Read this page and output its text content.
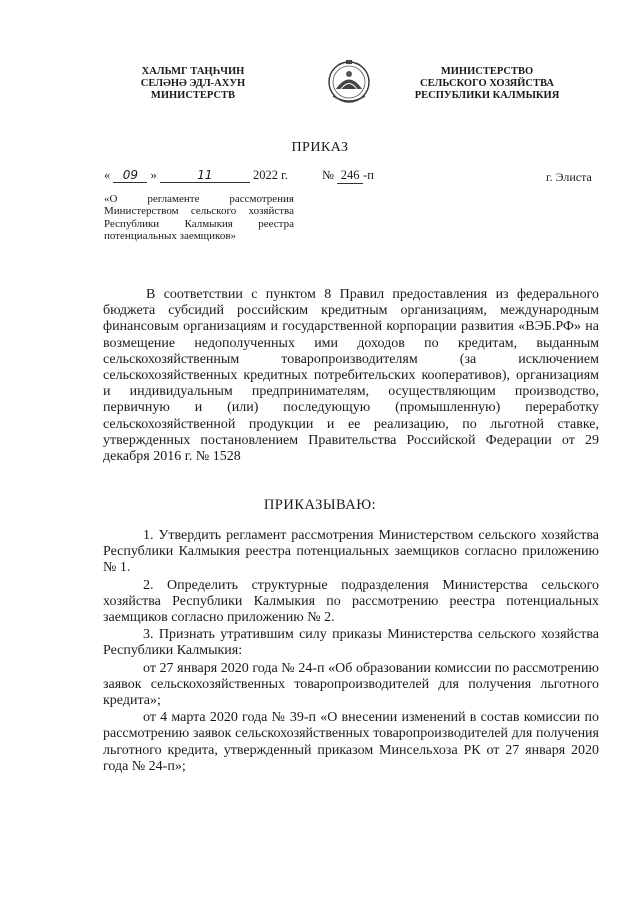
ХАЛЬМГ ТАҢҺЧИН
СЕЛӘНӘ ЭДЛ-АХУН
МИНИСТЕРСТВ
МИНИСТЕРСТВО
СЕЛЬСКОГО ХОЗЯЙСТВА
РЕСПУБЛИКИ КАЛМЫКИЯ
ПРИКАЗ
« 09 »	11	2022 г.	№ 246 -п	г. Элиста
«О регламенте рассмотрения Министерством сельского хозяйства Республики Калмыкия реестра потенциальных заемщиков»
В соответствии с пунктом 8 Правил предоставления из федерального бюджета субсидий российским кредитным организациям, международным финансовым организациям и государственной корпорации развития «ВЭБ.РФ» на возмещение недополученных ими доходов по кредитам, выданным сельскохозяйственным товаропроизводителям (за исключением сельскохозяйственных кредитных потребительских кооперативов), организациям и индивидуальным предпринимателям, осуществляющим производство, первичную и (или) последующую (промышленную) переработку сельскохозяйственной продукции и ее реализацию, по льготной ставке, утвержденных постановлением Правительства Российской Федерации от 29 декабря 2016 г. № 1528
ПРИКАЗЫВАЮ:

1. Утвердить регламент рассмотрения Министерством сельского хозяйства Республики Калмыкия реестра потенциальных заемщиков согласно приложению № 1.

2. Определить структурные подразделения Министерства сельского хозяйства Республики Калмыкия по рассмотрению реестра потенциальных заемщиков согласно приложению № 2.

3. Признать утратившим силу приказы Министерства сельского хозяйства Республики Калмыкия:

от 27 января 2020 года № 24-п «Об образовании комиссии по рассмотрению заявок сельскохозяйственных товаропроизводителей для получения льготного кредита»;

от 4 марта 2020 года № 39-п «О внесении изменений в состав комиссии по рассмотрению заявок сельскохозяйственных товаропроизводителей для получения льготного кредита, утвержденный приказом Минсельхоза РК от 27 января 2020 года № 24-п»;
